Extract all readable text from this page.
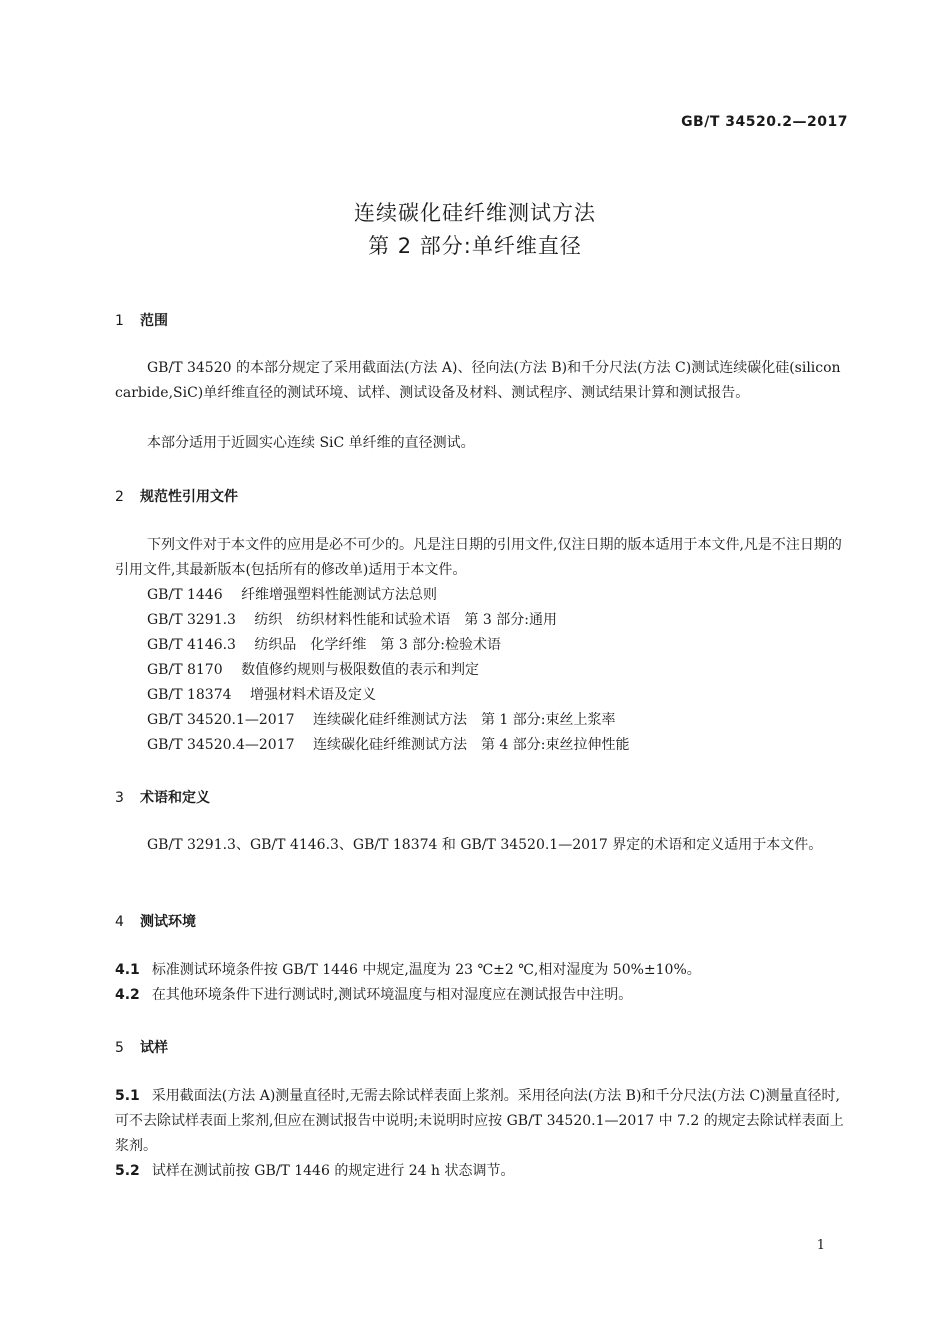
GB/T 34520.2—2017
连续碳化硅纤维测试方法
第 2 部分:单纤维直径
1 范围
GB/T 34520 的本部分规定了采用截面法(方法 A)、径向法(方法 B)和千分尺法(方法 C)测试连续碳化硅(silicon carbide,SiC)单纤维直径的测试环境、试样、测试设备及材料、测试程序、测试结果计算和测试报告。
本部分适用于近圆实心连续 SiC 单纤维的直径测试。
2 规范性引用文件
下列文件对于本文件的应用是必不可少的。凡是注日期的引用文件,仅注日期的版本适用于本文件,凡是不注日期的引用文件,其最新版本(包括所有的修改单)适用于本文件。
GB/T 1446　 纤维增强塑料性能测试方法总则
GB/T 3291.3　 纺织　纺织材料性能和试验术语　第 3 部分:通用
GB/T 4146.3　 纺织品　化学纤维　第 3 部分:检验术语
GB/T 8170　 数值修约规则与极限数值的表示和判定
GB/T 18374　 增强材料术语及定义
GB/T 34520.1—2017　 连续碳化硅纤维测试方法　第 1 部分:束丝上浆率
GB/T 34520.4—2017　 连续碳化硅纤维测试方法　第 4 部分:束丝拉伸性能
3 术语和定义
GB/T 3291.3、GB/T 4146.3、GB/T 18374 和 GB/T 34520.1—2017 界定的术语和定义适用于本文件。
4 测试环境
4.1 标准测试环境条件按 GB/T 1446 中规定,温度为 23 ℃±2 ℃,相对湿度为 50%±10%。
4.2 在其他环境条件下进行测试时,测试环境温度与相对湿度应在测试报告中注明。
5 试样
5.1 采用截面法(方法 A)测量直径时,无需去除试样表面上浆剂。采用径向法(方法 B)和千分尺法(方法 C)测量直径时,可不去除试样表面上浆剂,但应在测试报告中说明;未说明时应按 GB/T 34520.1—2017 中 7.2 的规定去除试样表面上浆剂。
5.2 试样在测试前按 GB/T 1446 的规定进行 24 h 状态调节。
1
